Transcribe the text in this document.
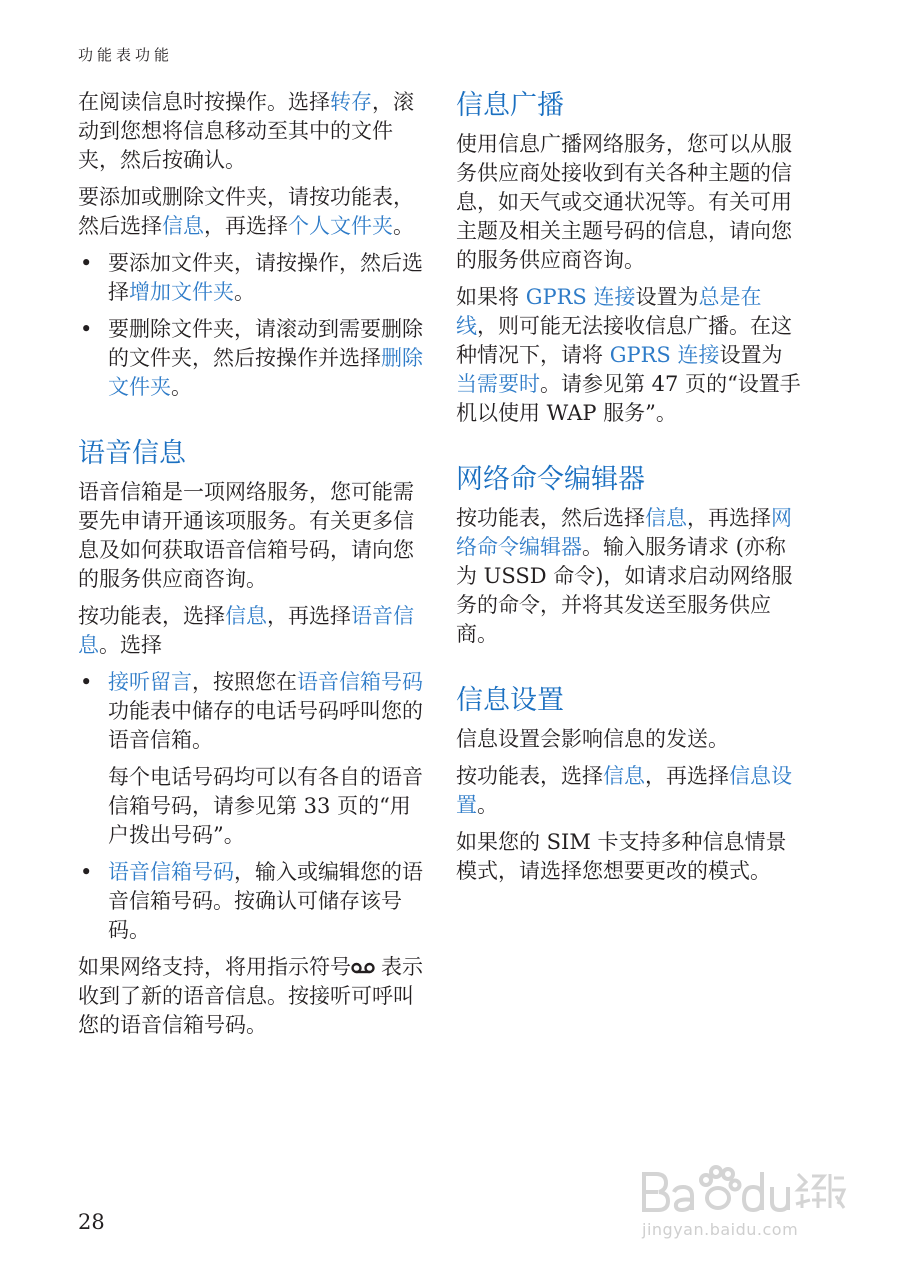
功能表功能

在阅读信息时按操作。选择转存，滚动到您想将信息移动至其中的文件夹，然后按确认。

要添加或删除文件夹，请按功能表，然后选择信息，再选择个人文件夹。

• 要添加文件夹，请按操作，然后选择增加文件夹。
• 要删除文件夹，请滚动到需要删除的文件夹，然后按操作并选择删除文件夹。
语音信息

语音信箱是一项网络服务，您可能需要先申请开通该项服务。有关更多信息及如何获取语音信箱号码，请向您的服务供应商咨询。

按功能表，选择信息，再选择语音信息。选择

• 接听留言，按照您在语音信箱号码功能表中储存的电话号码呼叫您的语音信箱。
每个电话号码均可以有各自的语音信箱号码，请参见第 33 页的“用户拨出号码”。
• 语音信箱号码，输入或编辑您的语音信箱号码。按确认可储存该号码。

如果网络支持，将用指示符号 表示收到了新的语音信息。按接听可呼叫您的语音信箱号码。

信息广播

使用信息广播网络服务，您可以从服务供应商处接收到有关各种主题的信息，如天气或交通状况等。有关可用主题及相关主题号码的信息，请向您的服务供应商咨询。

如果将 GPRS 连接设置为总是在线，则可能无法接收信息广播。在这种情况下，请将 GPRS 连接设置为当需要时。请参见第 47 页的“设置手机以使用 WAP 服务”。

网络命令编辑器

按功能表，然后选择信息，再选择网络命令编辑器。输入服务请求 (亦称为 USSD 命令)，如请求启动网络服务的命令，并将其发送至服务供应商。

信息设置

信息设置会影响信息的发送。

按功能表，选择信息，再选择信息设置。

如果您的 SIM 卡支持多种信息情景模式，请选择您想要更改的模式。

28	jingyan.baidu.com
